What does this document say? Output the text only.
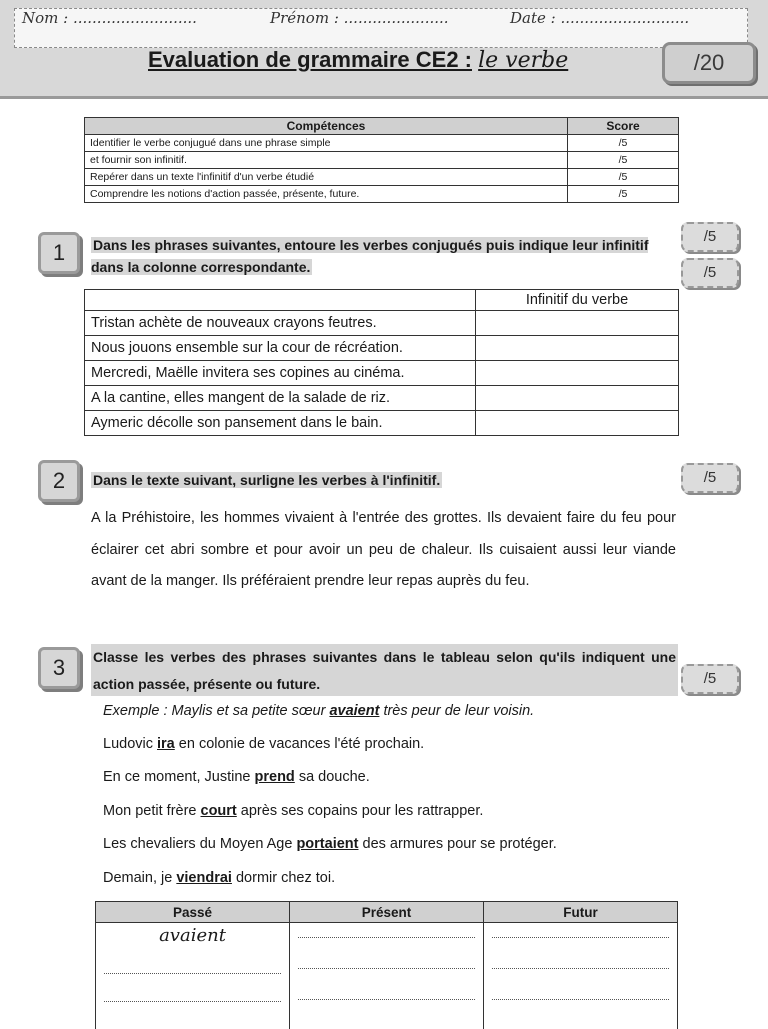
Nom : ..........................	Prénom : ......................	Date : ...........................
Evaluation de grammaire CE2 : le verbe	/20
Compétences	Score
Identifier le verbe conjugué dans une phrase simple	/5
et fournir son infinitif.	/5
Repérer dans un texte l'infinitif d'un verbe étudié	/5
Comprendre les notions d'action passée, présente, future.	/5
1	Dans les phrases suivantes, entoure les verbes conjugués puis indique leur infinitif dans la colonne correspondante.
/5
/5
	Infinitif du verbe
Tristan achète de nouveaux crayons feutres.	
Nous jouons ensemble sur la cour de récréation.	
Mercredi, Maëlle invitera ses copines au cinéma.	
A la cantine, elles mangent de la salade de riz.	
Aymeric décolle son pansement dans le bain.	
2	Dans le texte suivant, surligne les verbes à l'infinitif.	/5
A la Préhistoire, les hommes vivaient à l'entrée des grottes. Ils devaient faire du feu pour éclairer cet abri sombre et pour avoir un peu de chaleur. Ils cuisaient aussi leur viande avant de la manger. Ils préféraient prendre leur repas auprès du feu.
3	Classe les verbes des phrases suivantes dans le tableau selon qu'ils indiquent une action passée, présente ou future.	/5
Exemple : Maylis et sa petite sœur avaient très peur de leur voisin.
Ludovic ira en colonie de vacances l'été prochain.
En ce moment, Justine prend sa douche.
Mon petit frère court après ses copains pour les rattrapper.
Les chevaliers du Moyen Age portaient des armures pour se protéger.
Demain, je viendrai dormir chez toi.
Passé	Présent	Futur

avaient		
